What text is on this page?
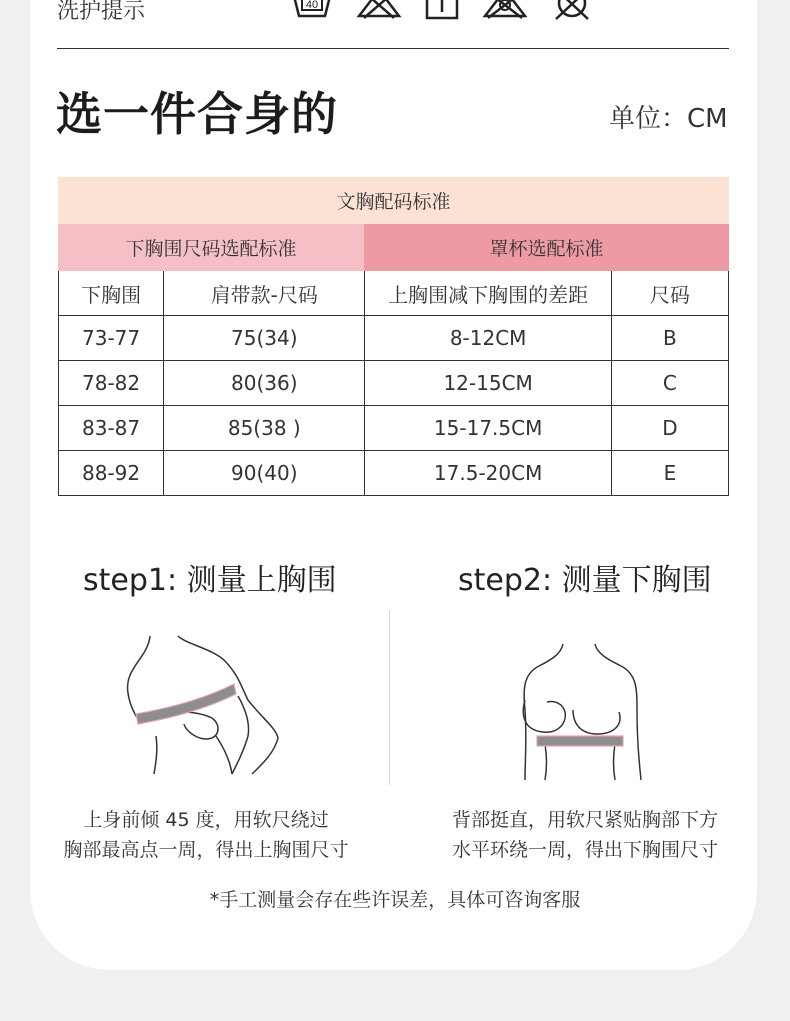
洗护提示	40
选一件合身的	单位：CM
文胸配码标准
下胸围尺码选配标准	罩杯选配标准
下胸围	肩带款-尺码	上胸围减下胸围的差距	尺码
73-77	75(34)	8-12CM	B
78-82	80(36)	12-15CM	C
83-87	85(38 )	15-17.5CM	D
88-92	90(40)	17.5-20CM	E
step1: 测量上胸围	step2: 测量下胸围
上身前倾 45 度，用软尺绕过
胸部最高点一周，得出上胸围尺寸
背部挺直，用软尺紧贴胸部下方
水平环绕一周，得出下胸围尺寸
*手工测量会存在些许误差，具体可咨询客服
